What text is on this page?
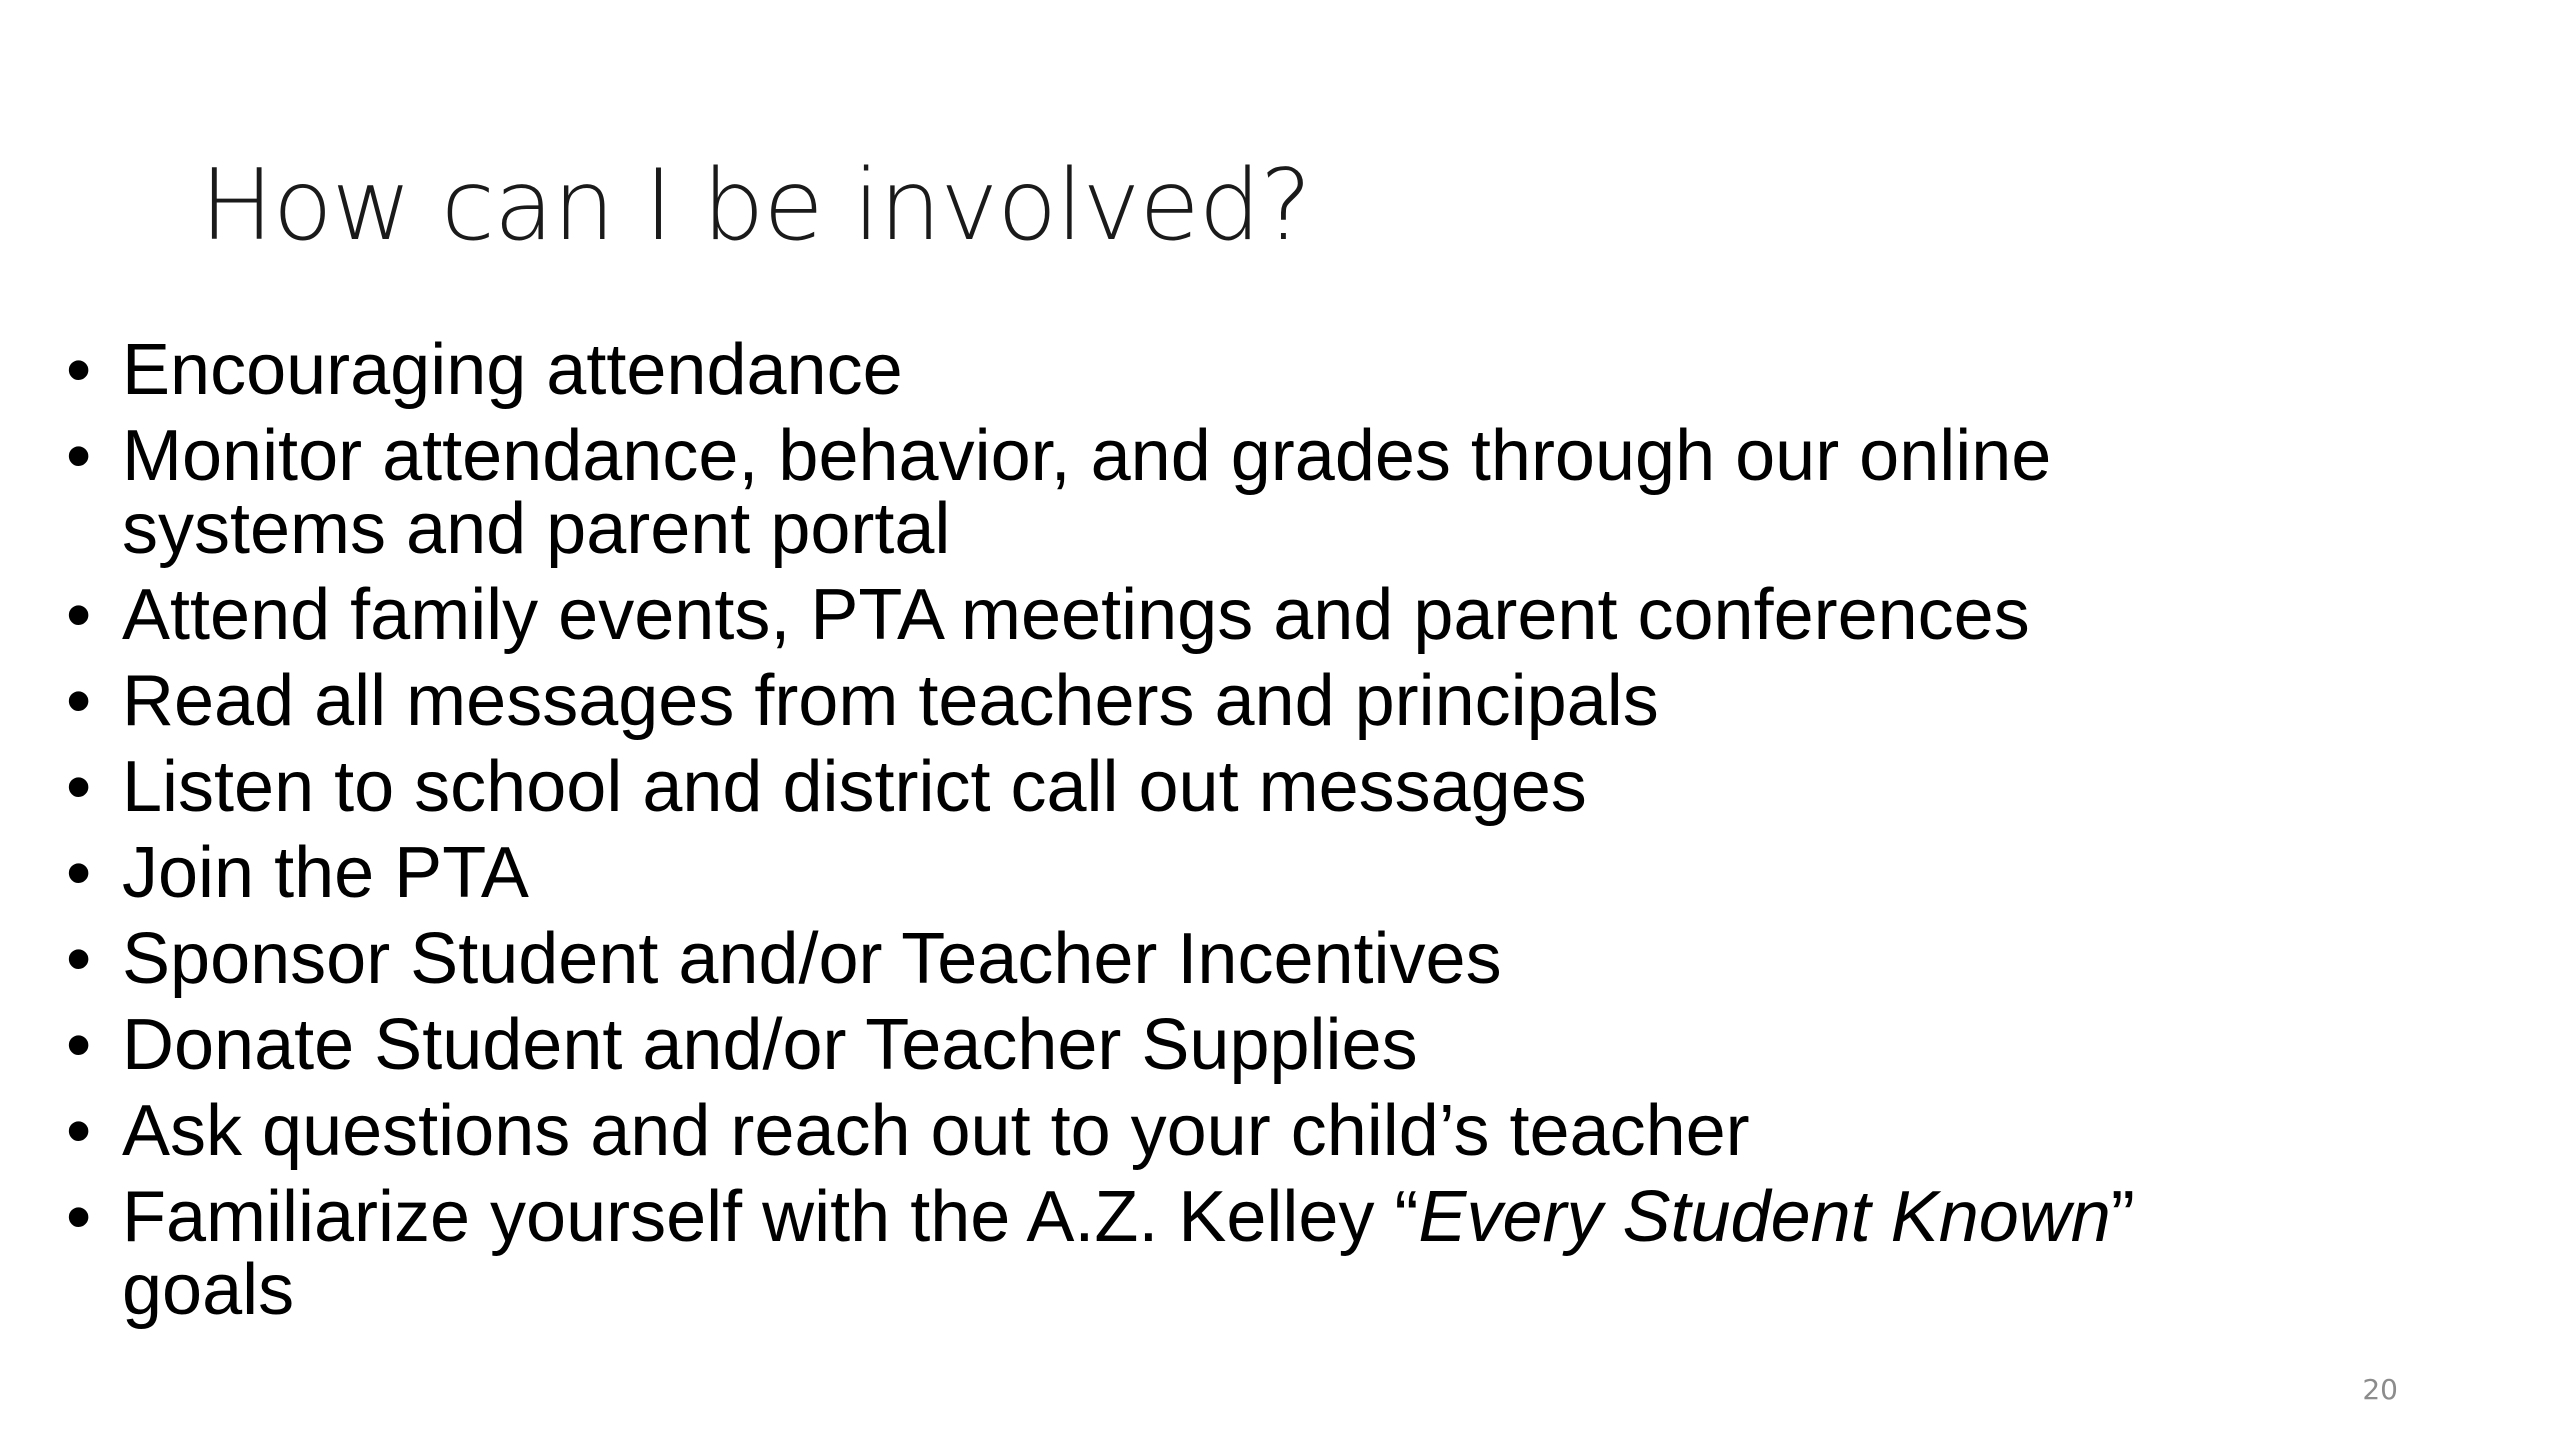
How can I be involved?
• Encouraging attendance
• Monitor attendance, behavior, and grades through our online systems and parent portal
• Attend family events, PTA meetings and parent conferences
• Read all messages from teachers and principals
• Listen to school and district call out messages
• Join the PTA
• Sponsor Student and/or Teacher Incentives
• Donate Student and/or Teacher Supplies
• Ask questions and reach out to your child’s teacher
• Familiarize yourself with the A.Z. Kelley “Every Student Known” goals
20
